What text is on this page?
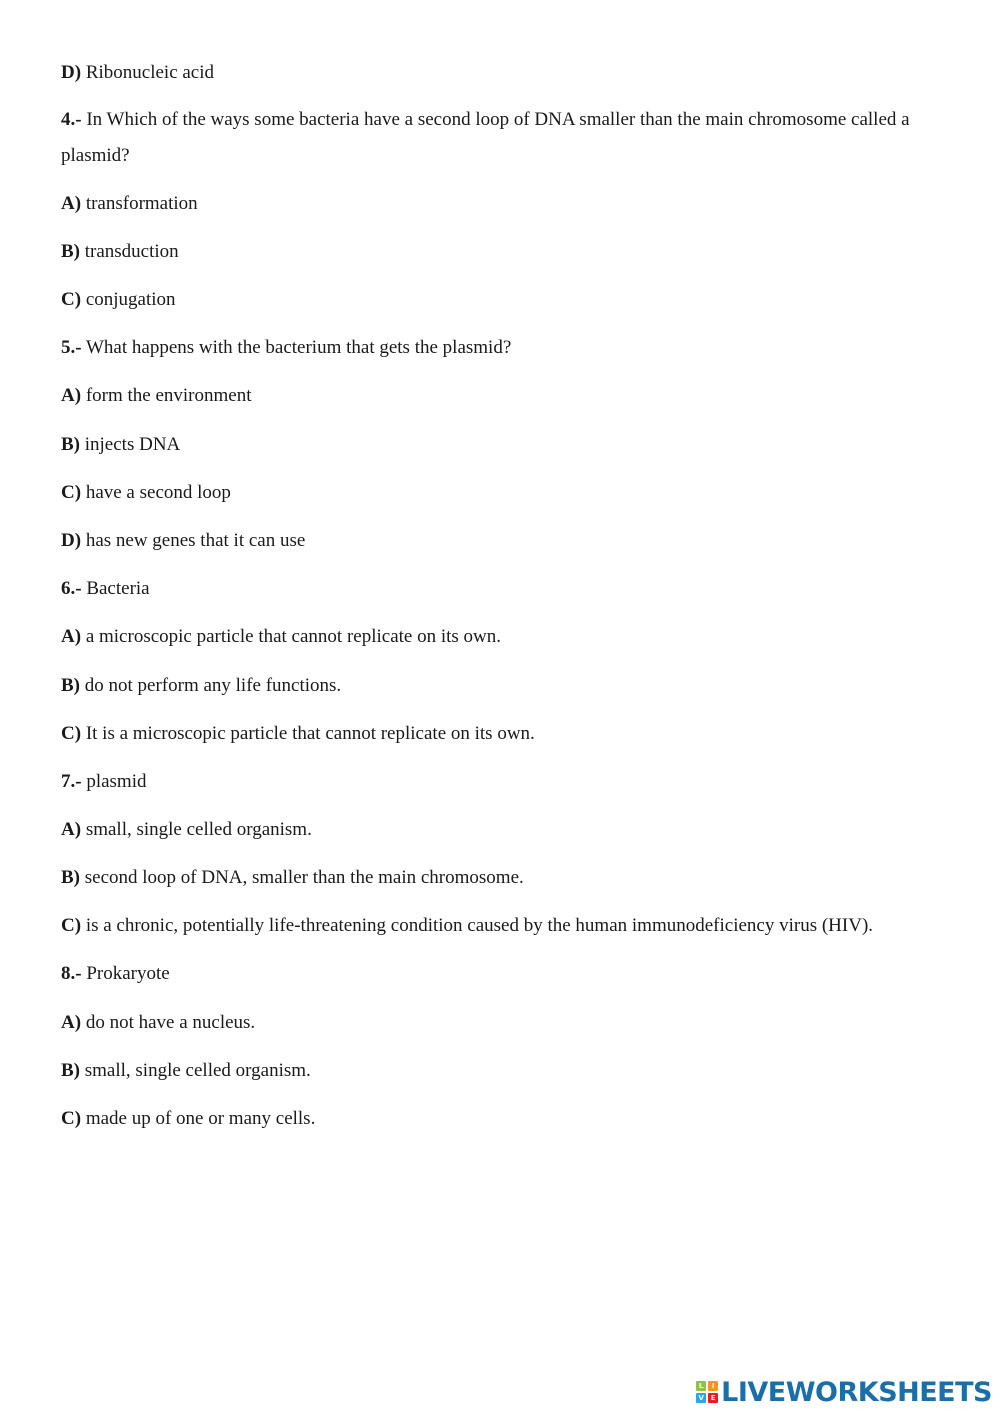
D) Ribonucleic acid
4.- In Which of the ways some bacteria have a second loop of DNA smaller than the main chromosome called a plasmid?
A) transformation
B) transduction
C) conjugation
5.- What happens with the bacterium that gets the plasmid?
A) form the environment
B) injects DNA
C) have a second loop
D) has new genes that it can use
6.- Bacteria
A) a microscopic particle that cannot replicate on its own.
B) do not perform any life functions.
C) It is a microscopic particle that cannot replicate on its own.
7.- plasmid
A) small, single celled organism.
B) second loop of DNA, smaller than the main chromosome.
C) is a chronic, potentially life-threatening condition caused by the human immunodeficiency virus (HIV).
8.- Prokaryote
A) do not have a nucleus.
B) small, single celled organism.
C) made up of one or many cells.
L	I
V E LIVEWORKSHEETS
